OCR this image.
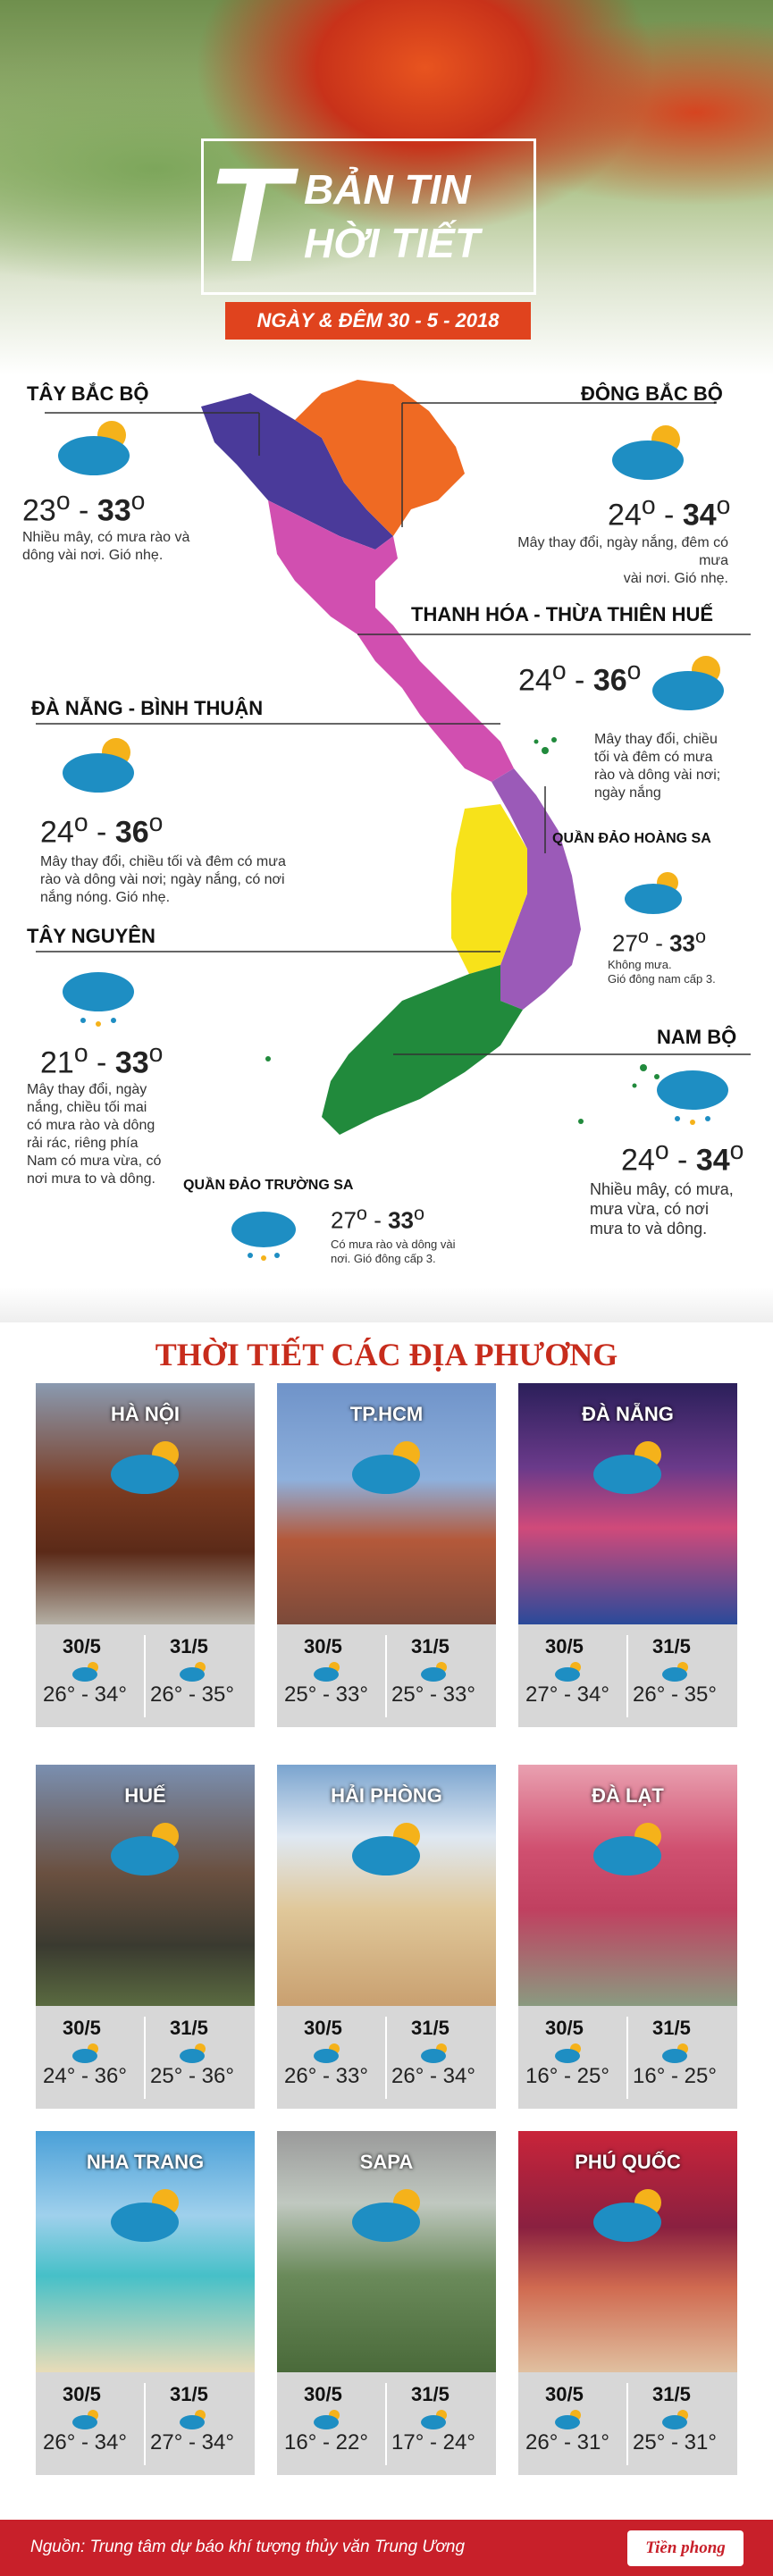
T BẢN TIN
HỜI TIẾT
NGÀY & ĐÊM 30 - 5 - 2018
TÂY BẮC BỘ	ĐÔNG BẮC BỘ
THANH HÓA - THỪA THIÊN HUẾ
ĐÀ NẴNG - BÌNH THUẬN
QUẦN ĐẢO HOÀNG SA
TÂY NGUYÊN
NAM BỘ
QUẦN ĐẢO TRƯỜNG SA
23$^o$ - 33$^o$	24$^o$ - 34$^o$
24$^o$ - 36$^o$
24$^o$ - 36$^o$
27$^o$ - 33$^o$
21$^o$ - 33$^o$
24$^o$ - 34$^o$
27$^o$ - 33$^o$
Nhiều mây, có mưa rào và
dông vài nơi. Gió nhẹ.
Mây thay đổi, ngày nắng, đêm có mưa
vài nơi. Gió nhẹ.
Mây thay đổi, chiều
tối và đêm có mưa
rào và dông vài nơi;
ngày nắng
Mây thay đổi, chiều tối và đêm có mưa
rào và dông vài nơi; ngày nắng, có nơi
nắng nóng. Gió nhẹ.
Không mưa.
Gió đông nam cấp 3.
Mây thay đổi, ngày
nắng, chiều tối mai
có mưa rào và dông
rải rác, riêng phía
Nam có mưa vừa, có
nơi mưa to và dông.
Nhiều mây, có mưa,
mưa vừa, có nơi
mưa to và dông.
Có mưa rào và dông vài
nơi. Gió đông cấp 3.
THỜI TIẾT CÁC ĐỊA PHƯƠNG
HÀ NỘI
30/5	31/5
26° - 34° 26° - 35°
TP.HCM
30/5	31/5
25° - 33° 25° - 33°
ĐÀ NẴNG
30/5	31/5
27° - 34° 26° - 35°
HUẾ
30/5	31/5
24° - 36° 25° - 36°
HẢI PHÒNG
30/5	31/5
26° - 33° 26° - 34°
ĐÀ LẠT
30/5	31/5
16° - 25° 16° - 25°
NHA TRANG
30/5	31/5
26° - 34° 27° - 34°
SAPA
30/5	31/5
16° - 22° 17° - 24°
PHÚ QUỐC
30/5	31/5
26° - 31° 25° - 31°
Nguồn: Trung tâm dự báo khí tượng thủy văn Trung Ương	Tiền phong
